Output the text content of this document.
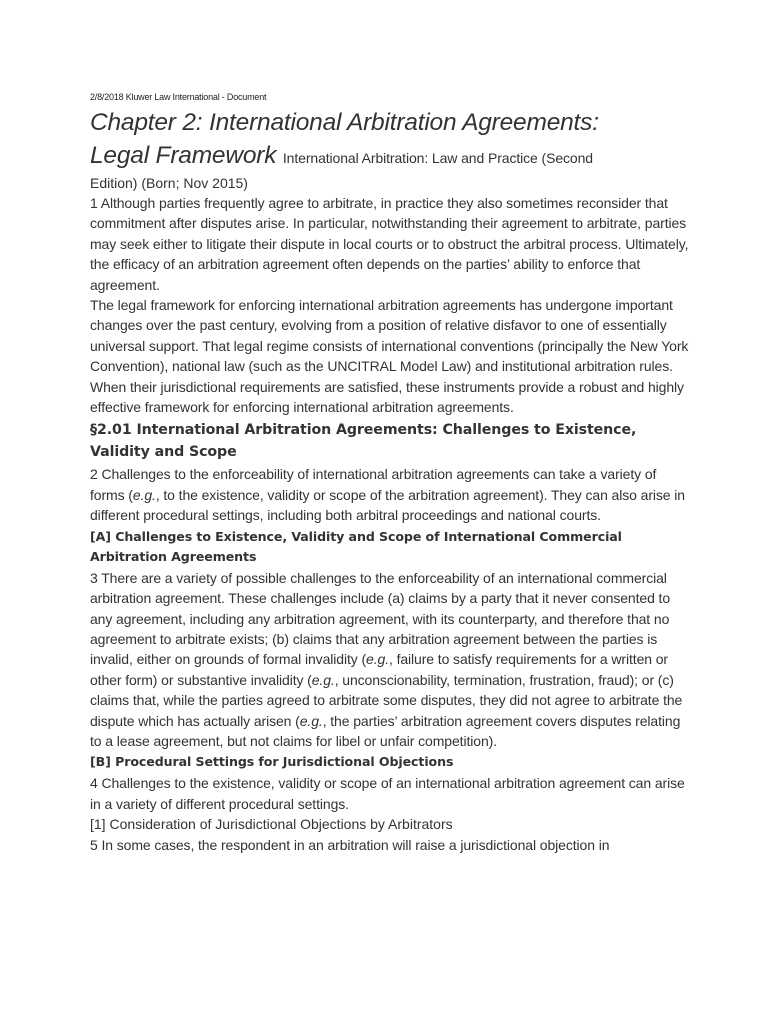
2/8/2018 Kluwer Law International - Document
Chapter 2: International Arbitration Agreements:
Legal Framework International Arbitration: Law and Practice (Second
Edition) (Born; Nov 2015)

1 Although parties frequently agree to arbitrate, in practice they also sometimes reconsider that commitment after disputes arise. In particular, notwithstanding their agreement to arbitrate, parties may seek either to litigate their dispute in local courts or to obstruct the arbitral process. Ultimately, the efficacy of an arbitration agreement often depends on the parties’ ability to enforce that agreement.

The legal framework for enforcing international arbitration agreements has undergone important changes over the past century, evolving from a position of relative disfavor to one of essentially universal support. That legal regime consists of international conventions (principally the New York Convention), national law (such as the UNCITRAL Model Law) and institutional arbitration rules. When their jurisdictional requirements are satisfied, these instruments provide a robust and highly effective framework for enforcing international arbitration agreements.

§2.01 International Arbitration Agreements: Challenges to Existence, Validity and Scope

2 Challenges to the enforceability of international arbitration agreements can take a variety of forms (e.g., to the existence, validity or scope of the arbitration agreement). They can also arise in different procedural settings, including both arbitral proceedings and national courts.

[A] Challenges to Existence, Validity and Scope of International Commercial Arbitration Agreements

3 There are a variety of possible challenges to the enforceability of an international commercial arbitration agreement. These challenges include (a) claims by a party that it never consented to any agreement, including any arbitration agreement, with its counterparty, and therefore that no agreement to arbitrate exists; (b) claims that any arbitration agreement between the parties is invalid, either on grounds of formal invalidity (e.g., failure to satisfy requirements for a written or other form) or substantive invalidity (e.g., unconscionability, termination, frustration, fraud); or (c) claims that, while the parties agreed to arbitrate some disputes, they did not agree to arbitrate the dispute which has actually arisen (e.g., the parties’ arbitration agreement covers disputes relating to a lease agreement, but not claims for libel or unfair competition).

[B] Procedural Settings for Jurisdictional Objections

4 Challenges to the existence, validity or scope of an international arbitration agreement can arise in a variety of different procedural settings.

[1] Consideration of Jurisdictional Objections by Arbitrators

5 In some cases, the respondent in an arbitration will raise a jurisdictional objection in
